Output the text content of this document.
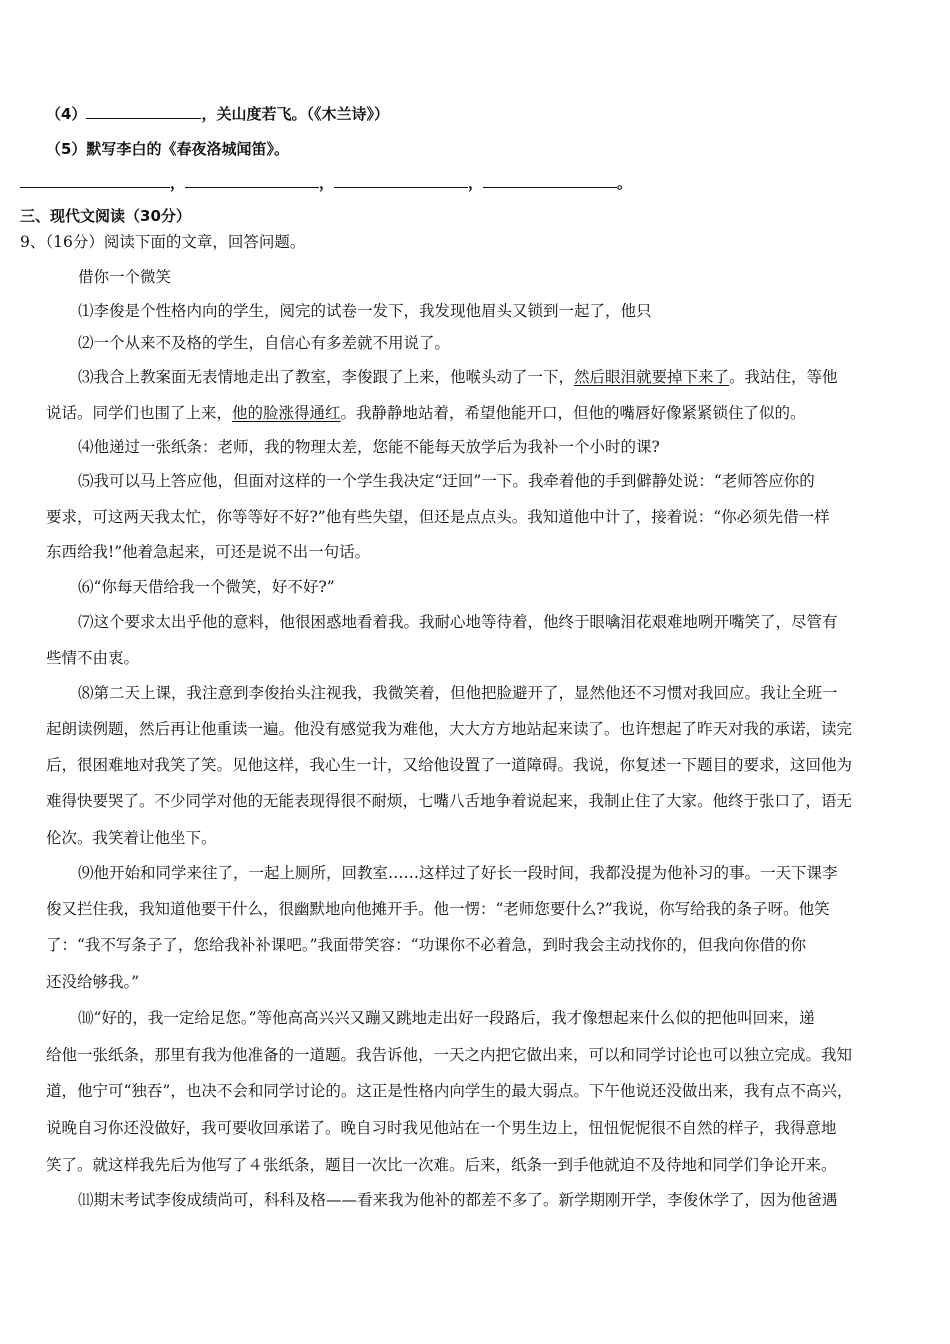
（4）	，关山度若飞。（《木兰诗》）
（5）默写李白的《春夜洛城闻笛》。
，	，	，	。
三、现代文阅读（30分）
9、（16分）阅读下面的文章，回答问题。
借你一个微笑
⑴李俊是个性格内向的学生，阅完的试卷一发下，我发现他眉头又锁到一起了，他只
⑵一个从来不及格的学生，自信心有多差就不用说了。
⑶我合上教案面无表情地走出了教室，李俊跟了上来，他喉头动了一下，然后眼泪就要掉下来了。我站住，等他
说话。同学们也围了上来，他的脸涨得通红。我静静地站着，希望他能开口，但他的嘴唇好像紧紧锁住了似的。
⑷他递过一张纸条：老师，我的物理太差，您能不能每天放学后为我补一个小时的课?
⑸我可以马上答应他，但面对这样的一个学生我决定“迂回”一下。我牵着他的手到僻静处说：“老师答应你的
要求，可这两天我太忙，你等等好不好?”他有些失望，但还是点点头。我知道他中计了，接着说：“你必须先借一样
东西给我!”他着急起来，可还是说不出一句话。
⑹“你每天借给我一个微笑，好不好?”
⑺这个要求太出乎他的意料，他很困惑地看着我。我耐心地等待着，他终于眼噙泪花艰难地咧开嘴笑了，尽管有
些情不由衷。
⑻第二天上课，我注意到李俊抬头注视我，我微笑着，但他把脸避开了，显然他还不习惯对我回应。我让全班一
起朗读例题，然后再让他重读一遍。他没有感觉我为难他，大大方方地站起来读了。也许想起了昨天对我的承诺，读完
后，很困难地对我笑了笑。见他这样，我心生一计，又给他设置了一道障碍。我说，你复述一下题目的要求，这回他为
难得快要哭了。不少同学对他的无能表现得很不耐烦，七嘴八舌地争着说起来，我制止住了大家。他终于张口了，语无
伦次。我笑着让他坐下。
⑼他开始和同学来往了，一起上厕所，回教室……这样过了好长一段时间，我都没提为他补习的事。一天下课李
俊又拦住我，我知道他要干什么，很幽默地向他摊开手。他一愣：“老师您要什么?”我说，你写给我的条子呀。他笑
了：“我不写条子了，您给我补补课吧。”我面带笑容：“功课你不必着急，到时我会主动找你的，但我向你借的你
还没给够我。”
⑽“好的，我一定给足您。”等他高高兴兴又蹦又跳地走出好一段路后，我才像想起来什么似的把他叫回来，递
给他一张纸条，那里有我为他准备的一道题。我告诉他，一天之内把它做出来，可以和同学讨论也可以独立完成。我知
道，他宁可“独吞”，也决不会和同学讨论的。这正是性格内向学生的最大弱点。下午他说还没做出来，我有点不高兴，
说晚自习你还没做好，我可要收回承诺了。晚自习时我见他站在一个男生边上，忸忸怩怩很不自然的样子，我得意地
笑了。就这样我先后为他写了４张纸条，题目一次比一次难。后来，纸条一到手他就迫不及待地和同学们争论开来。
⑾期末考试李俊成绩尚可，科科及格——看来我为他补的都差不多了。新学期刚开学，李俊休学了，因为他爸遇
